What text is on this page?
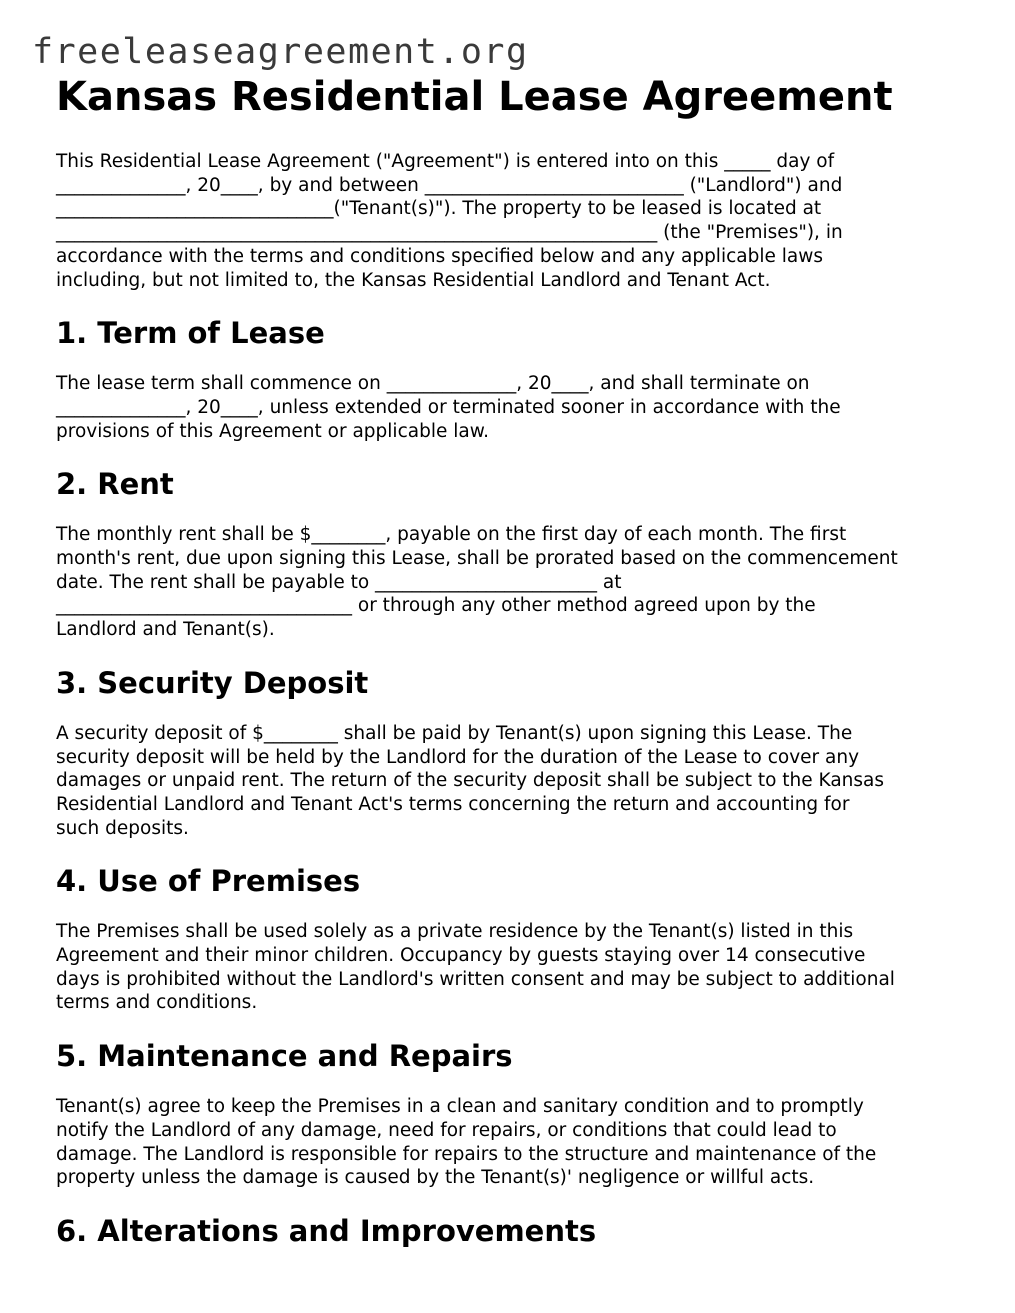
freeleaseagreement.org
Kansas Residential Lease Agreement

This Residential Lease Agreement ("Agreement") is entered into on this _____ day of
______________, 20____, by and between ____________________________ ("Landlord") and
______________________________("Tenant(s)"). The property to be leased is located at
_________________________________________________________________ (the "Premises"), in
accordance with the terms and conditions specified below and any applicable laws
including, but not limited to, the Kansas Residential Landlord and Tenant Act.

1. Term of Lease

The lease term shall commence on ______________, 20____, and shall terminate on
______________, 20____, unless extended or terminated sooner in accordance with the
provisions of this Agreement or applicable law.

2. Rent

The monthly rent shall be $________, payable on the first day of each month. The first
month's rent, due upon signing this Lease, shall be prorated based on the commencement
date. The rent shall be payable to ________________________ at
________________________________ or through any other method agreed upon by the
Landlord and Tenant(s).

3. Security Deposit

A security deposit of $________ shall be paid by Tenant(s) upon signing this Lease. The
security deposit will be held by the Landlord for the duration of the Lease to cover any
damages or unpaid rent. The return of the security deposit shall be subject to the Kansas
Residential Landlord and Tenant Act's terms concerning the return and accounting for
such deposits.

4. Use of Premises

The Premises shall be used solely as a private residence by the Tenant(s) listed in this
Agreement and their minor children. Occupancy by guests staying over 14 consecutive
days is prohibited without the Landlord's written consent and may be subject to additional
terms and conditions.

5. Maintenance and Repairs

Tenant(s) agree to keep the Premises in a clean and sanitary condition and to promptly
notify the Landlord of any damage, need for repairs, or conditions that could lead to
damage. The Landlord is responsible for repairs to the structure and maintenance of the
property unless the damage is caused by the Tenant(s)' negligence or willful acts.

6. Alterations and Improvements
